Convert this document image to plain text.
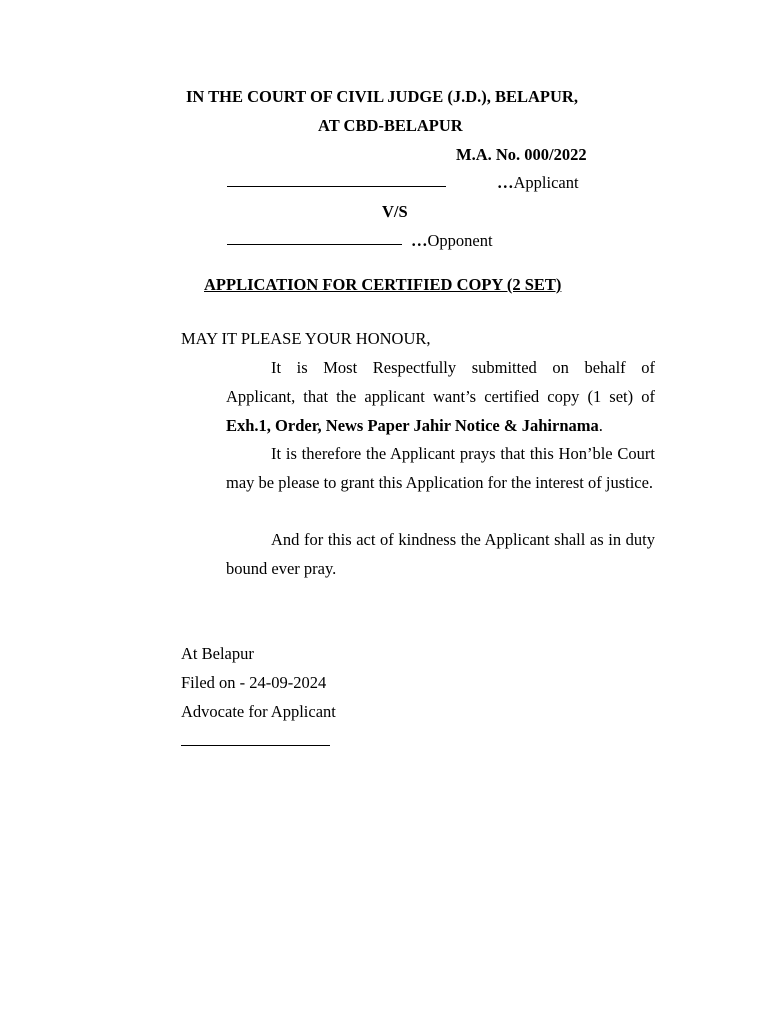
IN THE COURT OF CIVIL JUDGE (J.D.), BELAPUR,
AT CBD-BELAPUR
M.A. No. 000/2022
…Applicant
V/S
…Opponent
APPLICATION FOR CERTIFIED COPY (2 SET)
MAY IT PLEASE YOUR HONOUR,
It is Most Respectfully submitted on behalf of
Applicant, that the applicant want’s certified copy (1 set) of
Exh.1, Order, News Paper Jahir Notice & Jahirnama.
It is therefore the Applicant prays that this Hon’ble Court may be please to grant this Application for the interest of justice.
And for this act of kindness the Applicant shall as in duty bound ever pray.
At Belapur
Filed on - 24-09-2024
Advocate for Applicant
